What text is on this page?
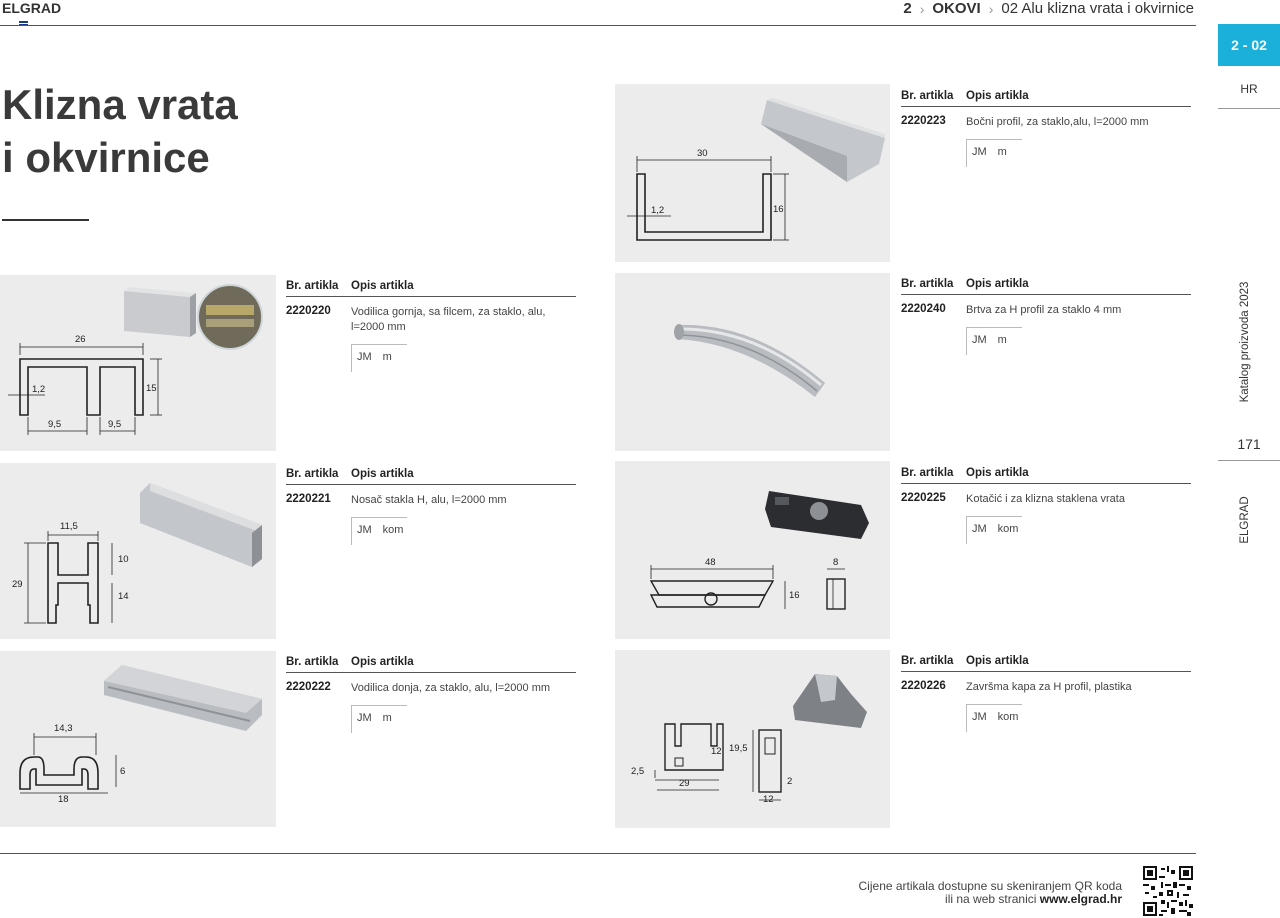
ELGRAD	2 › OKOVI › 02 Alu klizna vrata i okvirnice
2 - 02
HR
Katalog proizvoda 2023
171
ELGRAD
Klizna vrata
i okvirnice
26
1,2	15
9,5	9,5
Br. artikla	Opis artikla
2220220	Vodilica gornja, sa filcem, za staklo, alu, l=2000 mm
JM m
11,5
10
29
14
Br. artikla	Opis artikla
2220221	Nosač stakla H, alu, l=2000 mm
JM kom
14,3
6
18
Br. artikla	Opis artikla
2220222	Vodilica donja, za staklo, alu, l=2000 mm
JM m
30
1,2	16
Br. artikla	Opis artikla
2220223	Bočni profil, za staklo,alu, l=2000 mm
JM m
Br. artikla	Opis artikla
2220240	Brtva za H profil za staklo 4 mm
JM m
48
16
8
Br. artikla	Opis artikla
2220225	Kotačić i za klizna staklena vrata
JM kom
12 19,5
2,5
29	2
12
Br. artikla	Opis artikla
2220226	Završma kapa za H profil, plastika
JM kom
Cijene artikala dostupne su skeniranjem QR koda
ili na web stranici www.elgrad.hr
